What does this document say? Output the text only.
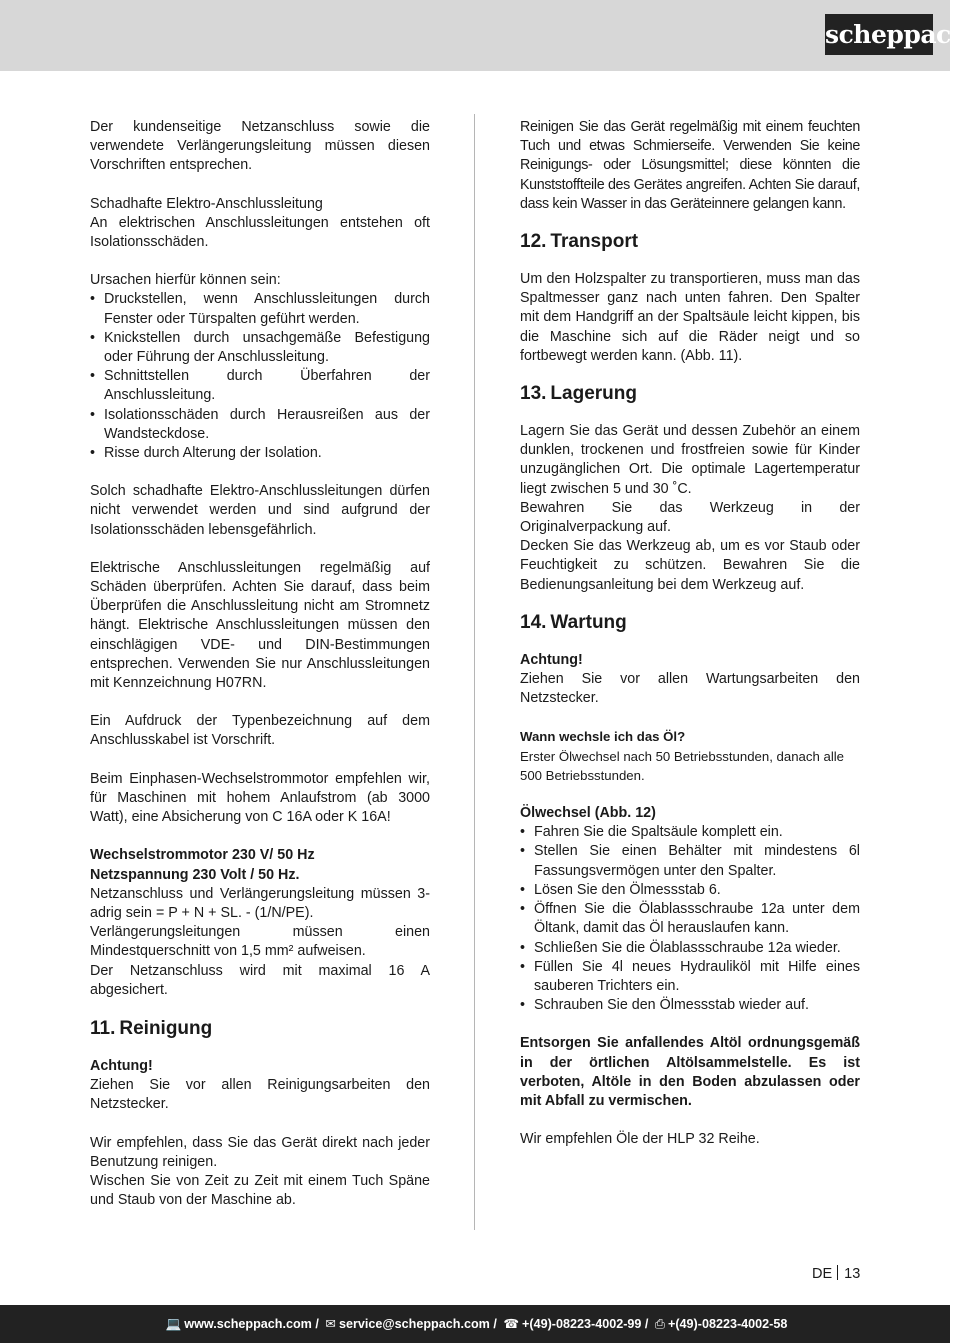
scheppach

Der kundenseitige Netzanschluss sowie die verwendete Verlängerungsleitung müssen diesen Vorschriften entsprechen.

Schadhafte Elektro-Anschlussleitung

An elektrischen Anschlussleitungen entstehen oft Isolationsschäden.

Ursachen hierfür können sein:

• Druckstellen, wenn Anschlussleitungen durch Fenster oder Türspalten geführt werden.
• Knickstellen durch unsachgemäße Befestigung oder Führung der Anschlussleitung.
• Schnittstellen durch Überfahren der Anschlussleitung.
• Isolationsschäden durch Herausreißen aus der Wandsteckdose.
• Risse durch Alterung der Isolation.

Solch schadhafte Elektro-Anschlussleitungen dürfen nicht verwendet werden und sind aufgrund der Isolationsschäden lebensgefährlich.

Elektrische Anschlussleitungen regelmäßig auf Schäden überprüfen. Achten Sie darauf, dass beim Überprüfen die Anschlussleitung nicht am Stromnetz hängt. Elektrische Anschlussleitungen müssen den einschlägigen VDE- und DIN-Bestimmungen entsprechen. Verwenden Sie nur Anschlussleitungen mit Kennzeichnung H07RN.

Ein Aufdruck der Typenbezeichnung auf dem Anschlusskabel ist Vorschrift.

Beim Einphasen-Wechselstrommotor empfehlen wir, für Maschinen mit hohem Anlaufstrom (ab 3000 Watt), eine Absicherung von C 16A oder K 16A!

Wechselstrommotor 230 V/ 50 Hz

Netzspannung 230 Volt / 50 Hz.

Netzanschluss und Verlängerungsleitung müssen 3-adrig sein = P + N + SL. - (1/N/PE).

Verlängerungsleitungen müssen einen Mindestquerschnitt von 1,5 mm² aufweisen.

Der Netzanschluss wird mit maximal 16 A abgesichert.

11. Reinigung

Achtung!

Ziehen Sie vor allen Reinigungsarbeiten den Netzstecker.

Wir empfehlen, dass Sie das Gerät direkt nach jeder Benutzung reinigen.

Wischen Sie von Zeit zu Zeit mit einem Tuch Späne und Staub von der Maschine ab.

Reinigen Sie das Gerät regelmäßig mit einem feuchten Tuch und etwas Schmierseife. Verwenden Sie keine Reinigungs- oder Lösungsmittel; diese könnten die Kunststoffteile des Gerätes angreifen. Achten Sie darauf, dass kein Wasser in das Geräteinnere gelangen kann.

12. Transport

Um den Holzspalter zu transportieren, muss man das Spaltmesser ganz nach unten fahren. Den Spalter mit dem Handgriff an der Spaltsäule leicht kippen, bis die Maschine sich auf die Räder neigt und so fortbewegt werden kann. (Abb. 11).

13. Lagerung

Lagern Sie das Gerät und dessen Zubehör an einem dunklen, trockenen und frostfreien sowie für Kinder unzugänglichen Ort. Die optimale Lagertemperatur liegt zwischen 5 und 30 ˚C.

Bewahren Sie das Werkzeug in der Originalverpackung auf.

Decken Sie das Werkzeug ab, um es vor Staub oder Feuchtigkeit zu schützen. Bewahren Sie die Bedienungsanleitung bei dem Werkzeug auf.

14. Wartung

Achtung!

Ziehen Sie vor allen Wartungsarbeiten den Netzstecker.

Wann wechsle ich das Öl?

Erster Ölwechsel nach 50 Betriebsstunden, danach alle 500 Betriebsstunden.

Ölwechsel (Abb. 12)

• Fahren Sie die Spaltsäule komplett ein.
• Stellen Sie einen Behälter mit mindestens 6l Fassungsvermögen unter den Spalter.
• Lösen Sie den Ölmessstab 6.
• Öffnen Sie die Ölablassschraube 12a unter dem Öltank, damit das Öl herauslaufen kann.
• Schließen Sie die Ölablassschraube 12a wieder.
• Füllen Sie 4l neues Hydrauliköl mit Hilfe eines sauberen Trichters ein.
• Schrauben Sie den Ölmessstab wieder auf.

Entsorgen Sie anfallendes Altöl ordnungsgemäß in der örtlichen Altölsammelstelle. Es ist verboten, Altöle in den Boden abzulassen oder mit Abfall zu vermischen.

Wir empfehlen Öle der HLP 32 Reihe.

DE 13
💻 www.scheppach.com / ✉ service@scheppach.com / ☎ +(49)-08223-4002-99 / ⎙ +(49)-08223-4002-58
